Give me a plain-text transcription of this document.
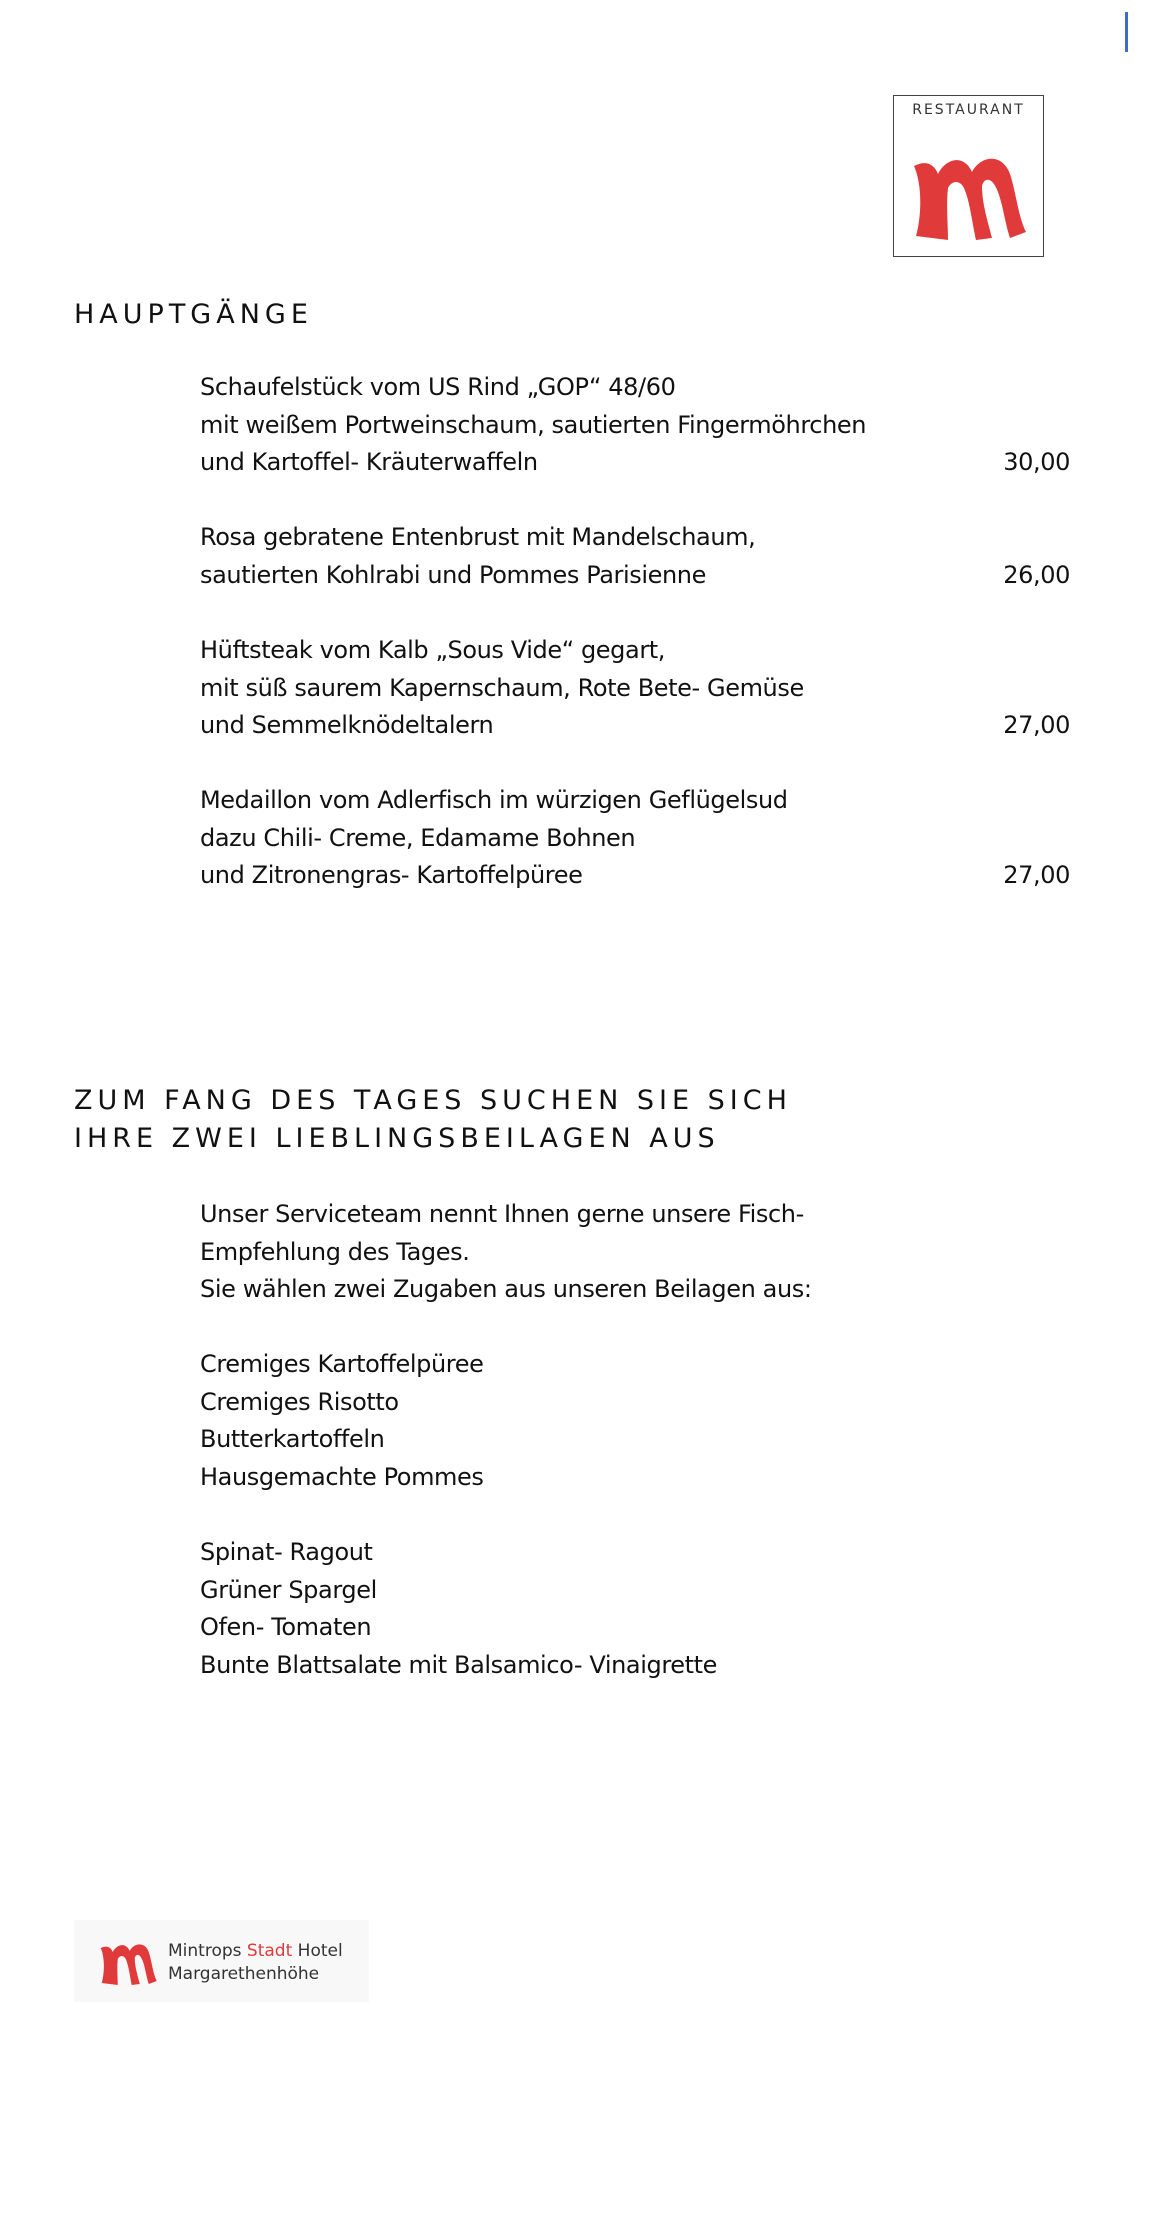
RESTAURANT
HAUPTGÄNGE
Schaufelstück vom US Rind „GOP“ 48/60
mit weißem Portweinschaum, sautierten Fingermöhrchen
und Kartoffel- Kräuterwaffeln	30,00
Rosa gebratene Entenbrust mit Mandelschaum,
sautierten Kohlrabi und Pommes Parisienne	26,00
Hüftsteak vom Kalb „Sous Vide“ gegart,
mit süß saurem Kapernschaum, Rote Bete- Gemüse
und Semmelknödeltalern	27,00
Medaillon vom Adlerfisch im würzigen Geflügelsud
dazu Chili- Creme, Edamame Bohnen
und Zitronengras- Kartoffelpüree	27,00
ZUM FANG DES TAGES SUCHEN SIE SICH
IHRE ZWEI LIEBLINGSBEILAGEN AUS
Unser Serviceteam nennt Ihnen gerne unsere Fisch-
Empfehlung des Tages.
Sie wählen zwei Zugaben aus unseren Beilagen aus:
Cremiges Kartoffelpüree
Cremiges Risotto
Butterkartoffeln
Hausgemachte Pommes
Spinat- Ragout
Grüner Spargel
Ofen- Tomaten
Bunte Blattsalate mit Balsamico- Vinaigrette
Mintrops Stadt Hotel
Margarethenhöhe
